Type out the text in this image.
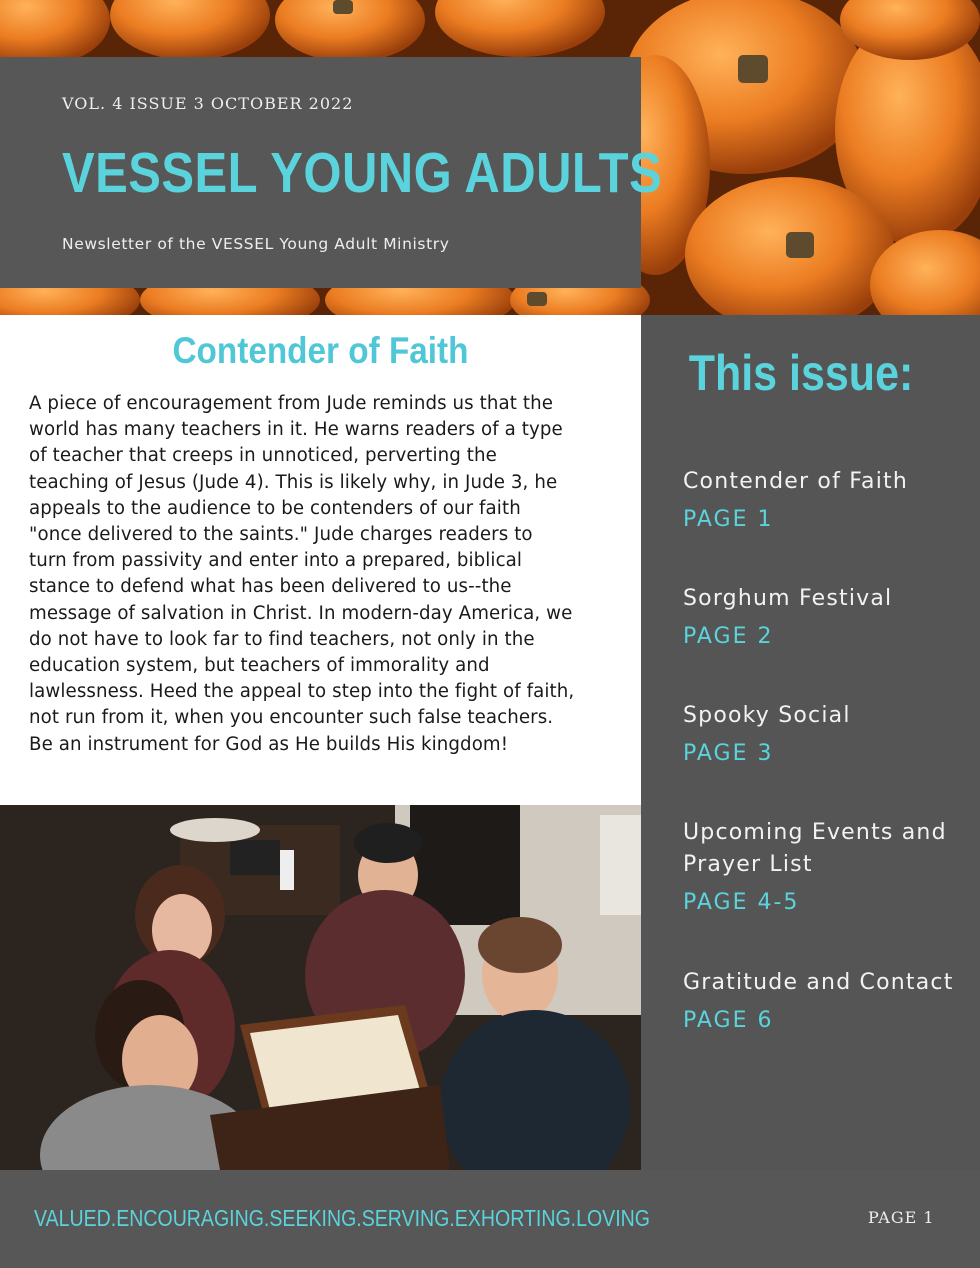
VOL. 4 ISSUE 3 OCTOBER 2022

VESSEL YOUNG ADULTS

Newsletter of the VESSEL Young Adult Ministry

Contender of Faith

A piece of encouragement from Jude reminds us that the
world has many teachers in it. He warns readers of a type
of teacher that creeps in unnoticed, perverting the
teaching of Jesus (Jude 4). This is likely why, in Jude 3, he
appeals to the audience to be contenders of our faith
"once delivered to the saints." Jude charges readers to
turn from passivity and enter into a prepared, biblical
stance to defend what has been delivered to us--the
message of salvation in Christ. In modern-day America, we
do not have to look far to find teachers, not only in the
education system, but teachers of immorality and
lawlessness. Heed the appeal to step into the fight of faith,
not run from it, when you encounter such false teachers.
Be an instrument for God as He builds His kingdom!

This issue:

Contender of Faith

PAGE 1

Sorghum Festival

PAGE 2

Spooky Social

PAGE 3

Upcoming Events and Prayer List

PAGE 4-5

Gratitude and Contact

PAGE 6

VALUED.ENCOURAGING.SEEKING.SERVING.EXHORTING.LOVING	PAGE 1
